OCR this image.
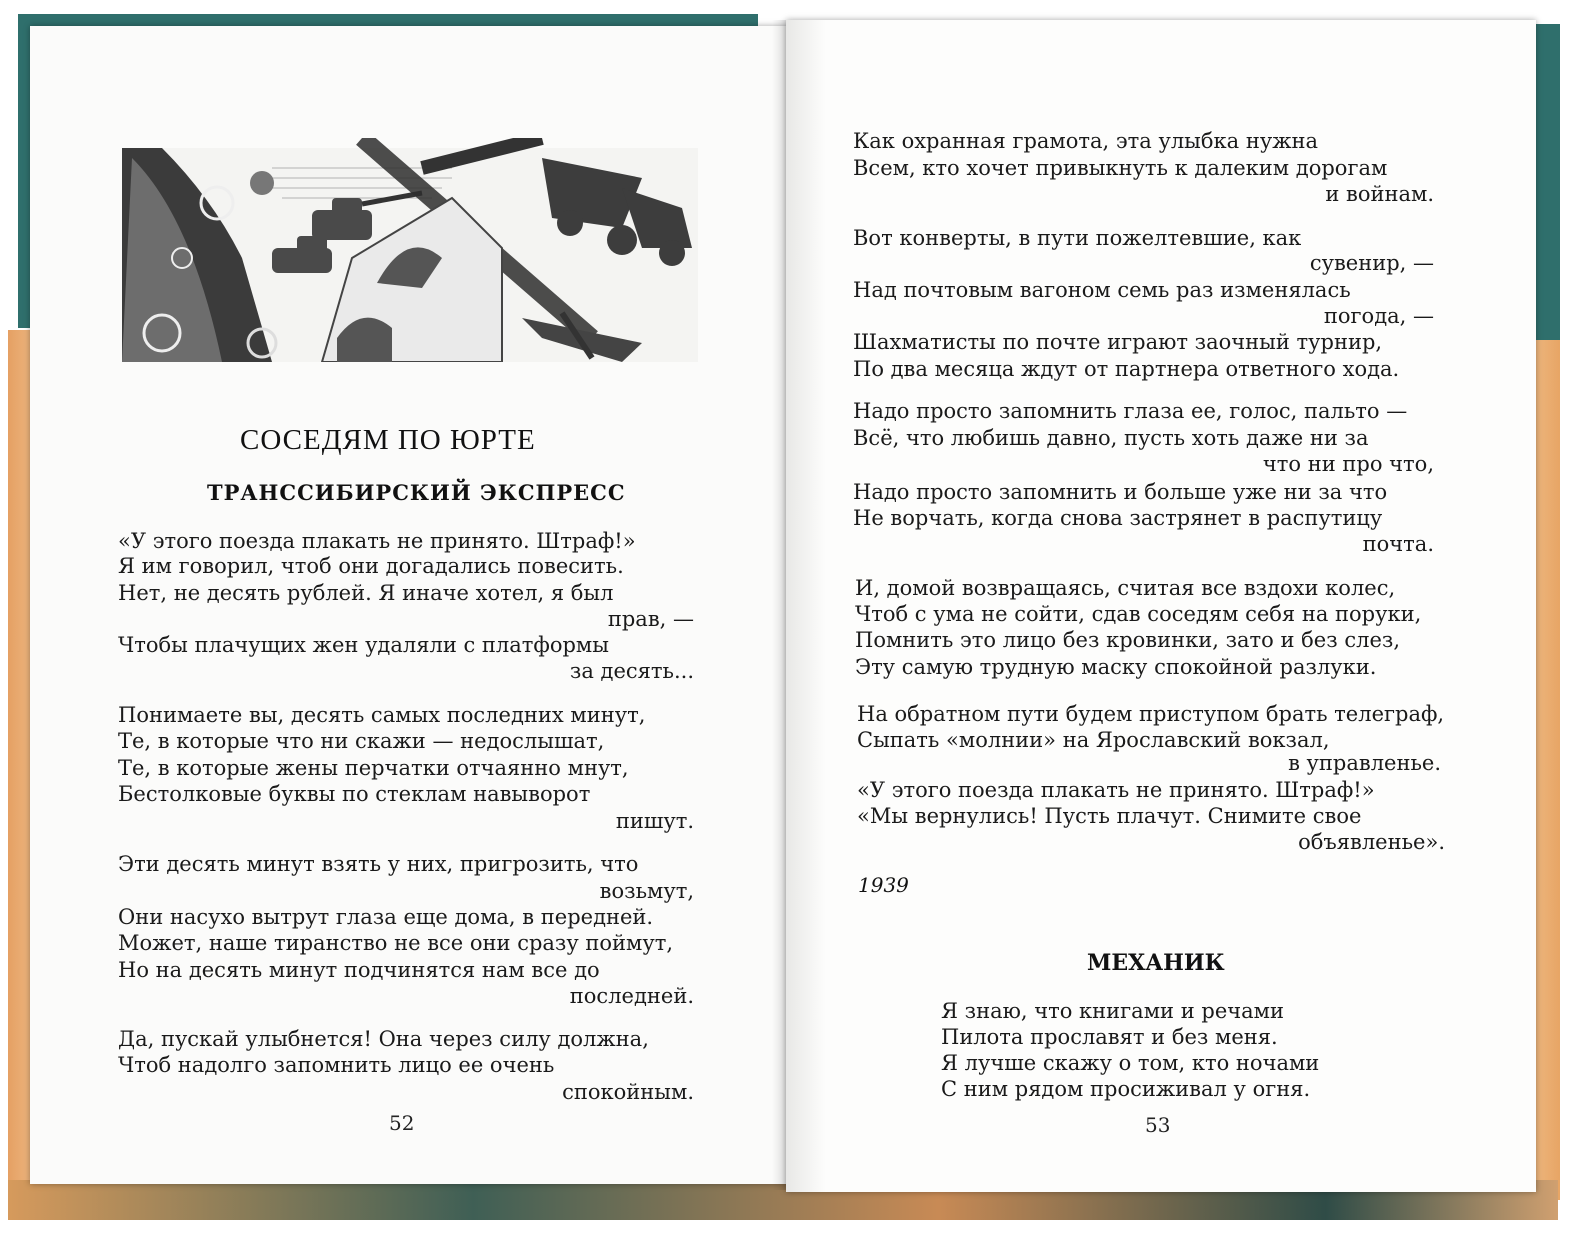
СОСЕДЯМ ПО ЮРТЕ
ТРАНССИБИРСКИЙ ЭКСПРЕСС
«У этого поезда плакать не принято. Штраф!»
Я им говорил, чтоб они догадались повесить.
Нет, не десять рублей. Я иначе хотел, я был
прав, —
Чтобы плачущих жен удаляли с платформы
за десять...
Понимаете вы, десять самых последних минут,
Те, в которые что ни скажи — недослышат,
Те, в которые жены перчатки отчаянно мнут,
Бестолковые буквы по стеклам навыворот
пишут.
Эти десять минут взять у них, пригрозить, что
возьмут,
Они насухо вытрут глаза еще дома, в передней.
Может, наше тиранство не все они сразу поймут,
Но на десять минут подчинятся нам все до
последней.
Да, пускай улыбнется! Она через силу должна,
Чтоб надолго запомнить лицо ее очень
спокойным.
52
Как охранная грамота, эта улыбка нужна
Всем, кто хочет привыкнуть к далеким дорогам
и войнам.
Вот конверты, в пути пожелтевшие, как
сувенир, —
Над почтовым вагоном семь раз изменялась
погода, —
Шахматисты по почте играют заочный турнир,
По два месяца ждут от партнера ответного хода.
Надо просто запомнить глаза ее, голос, пальто —
Всё, что любишь давно, пусть хоть даже ни за
что ни про что,
Надо просто запомнить и больше уже ни за что
Не ворчать, когда снова застрянет в распутицу
почта.
И, домой возвращаясь, считая все вздохи колес,
Чтоб с ума не сойти, сдав соседям себя на поруки,
Помнить это лицо без кровинки, зато и без слез,
Эту самую трудную маску спокойной разлуки.
На обратном пути будем приступом брать телеграф,
Сыпать «молнии» на Ярославский вокзал,
в управленье.
«У этого поезда плакать не принято. Штраф!»
«Мы вернулись! Пусть плачут. Снимите свое
объявленье».
1939
МЕХАНИК
Я знаю, что книгами и речами
Пилота прославят и без меня.
Я лучше скажу о том, кто ночами
С ним рядом просиживал у огня.
53
